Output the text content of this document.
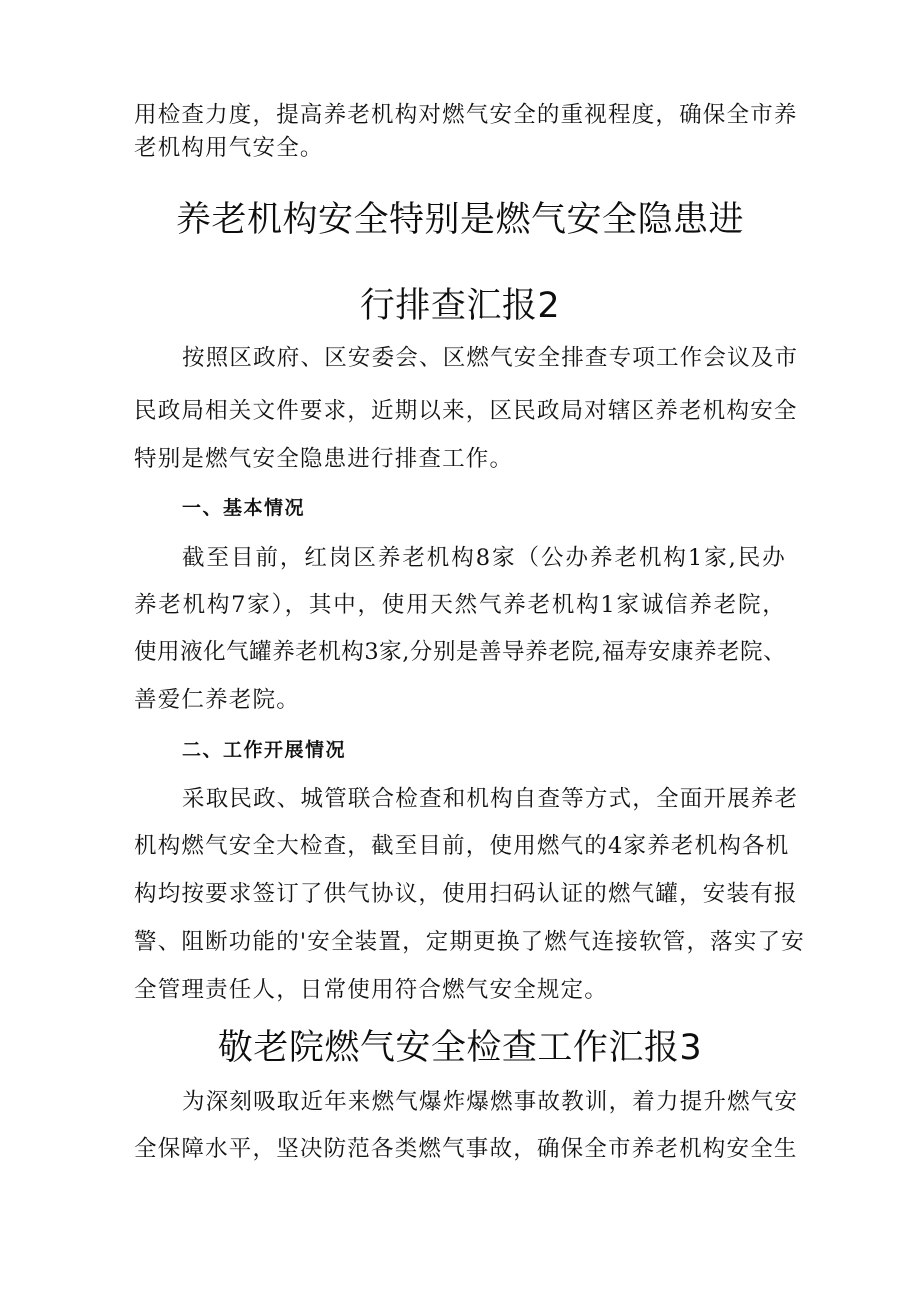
用检查力度，提高养老机构对燃气安全的重视程度，确保全市养
老机构用气安全。
养老机构安全特别是燃气安全隐患进
行排查汇报2
按照区政府、区安委会、区燃气安全排查专项工作会议及市
民政局相关文件要求，近期以来，区民政局对辖区养老机构安全
特别是燃气安全隐患进行排查工作。
一、基本情况
截至目前，红岗区养老机构8家（公办养老机构1家,民办
养老机构7家），其中，使用天然气养老机构1家诚信养老院，
使用液化气罐养老机构3家,分别是善导养老院,福寿安康养老院、
善爱仁养老院。
二、工作开展情况
采取民政、城管联合检查和机构自查等方式，全面开展养老
机构燃气安全大检查，截至目前，使用燃气的4家养老机构各机
构均按要求签订了供气协议，使用扫码认证的燃气罐，安装有报
警、阻断功能的'安全装置，定期更换了燃气连接软管，落实了安
全管理责任人，日常使用符合燃气安全规定。
敬老院燃气安全检查工作汇报3
为深刻吸取近年来燃气爆炸爆燃事故教训，着力提升燃气安
全保障水平，坚决防范各类燃气事故，确保全市养老机构安全生
